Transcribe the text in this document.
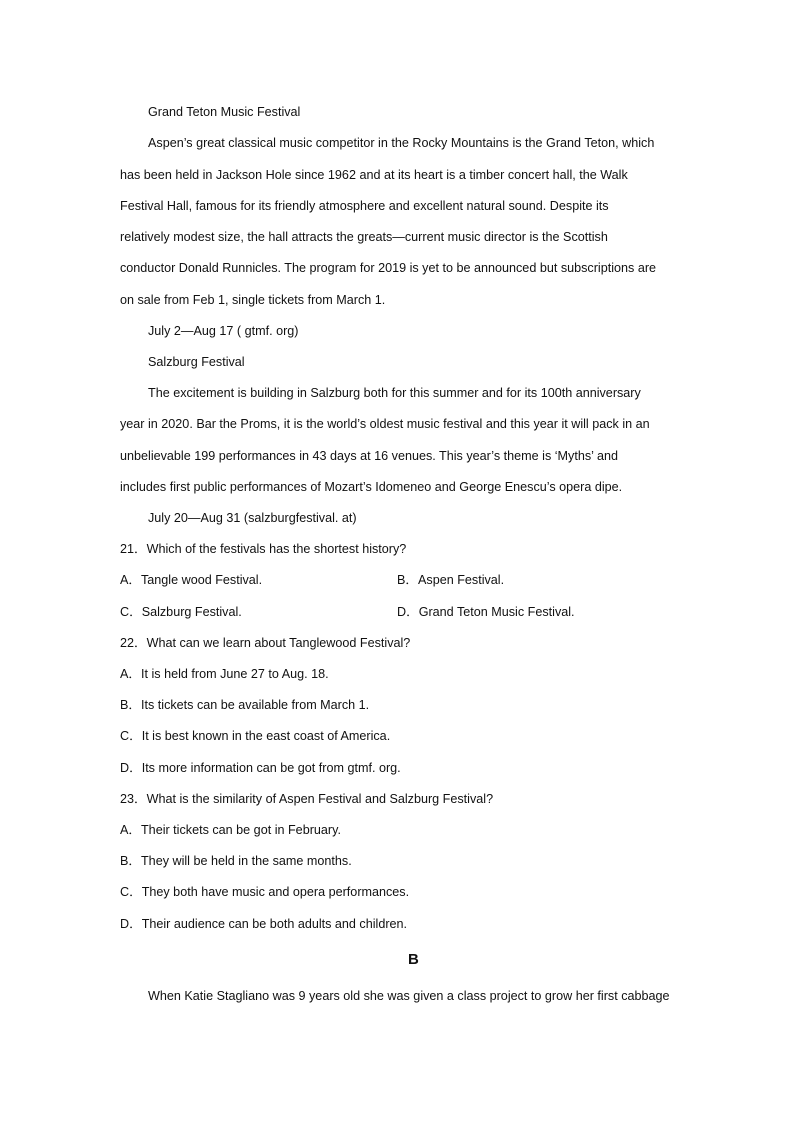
Grand Teton Music Festival
Aspen’s great classical music competitor in the Rocky Mountains is the Grand Teton, which
has been held in Jackson Hole since 1962 and at its heart is a timber concert hall, the Walk
Festival Hall, famous for its friendly atmosphere and excellent natural sound. Despite its
relatively modest size, the hall attracts the greats—current music director is the Scottish
conductor Donald Runnicles. The program for 2019 is yet to be announced but subscriptions are
on sale from Feb 1, single tickets from March 1.
July 2—Aug 17 ( gtmf. org)
Salzburg Festival
The excitement is building in Salzburg both for this summer and for its 100th anniversary
year in 2020. Bar the Proms, it is the world’s oldest music festival and this year it will pack in an
unbelievable 199 performances in 43 days at 16 venues. This year’s theme is ‘Myths’ and
includes first public performances of Mozart’s Idomeneo and George Enescu’s opera dipe.
July 20—Aug 31 (salzburgfestival. at)
21．Which of the festivals has the shortest history?
A．Tangle wood Festival.	B．Aspen Festival.
C．Salzburg Festival.	D．Grand Teton Music Festival.
22．What can we learn about Tanglewood Festival?
A．It is held from June 27 to Aug. 18.
B．Its tickets can be available from March 1.
C．It is best known in the east coast of America.
D．Its more information can be got from gtmf. org.
23．What is the similarity of Aspen Festival and Salzburg Festival?
A．Their tickets can be got in February.
B．They will be held in the same months.
C．They both have music and opera performances.
D．Their audience can be both adults and children.
B
When Katie Stagliano was 9 years old she was given a class project to grow her first cabbage
